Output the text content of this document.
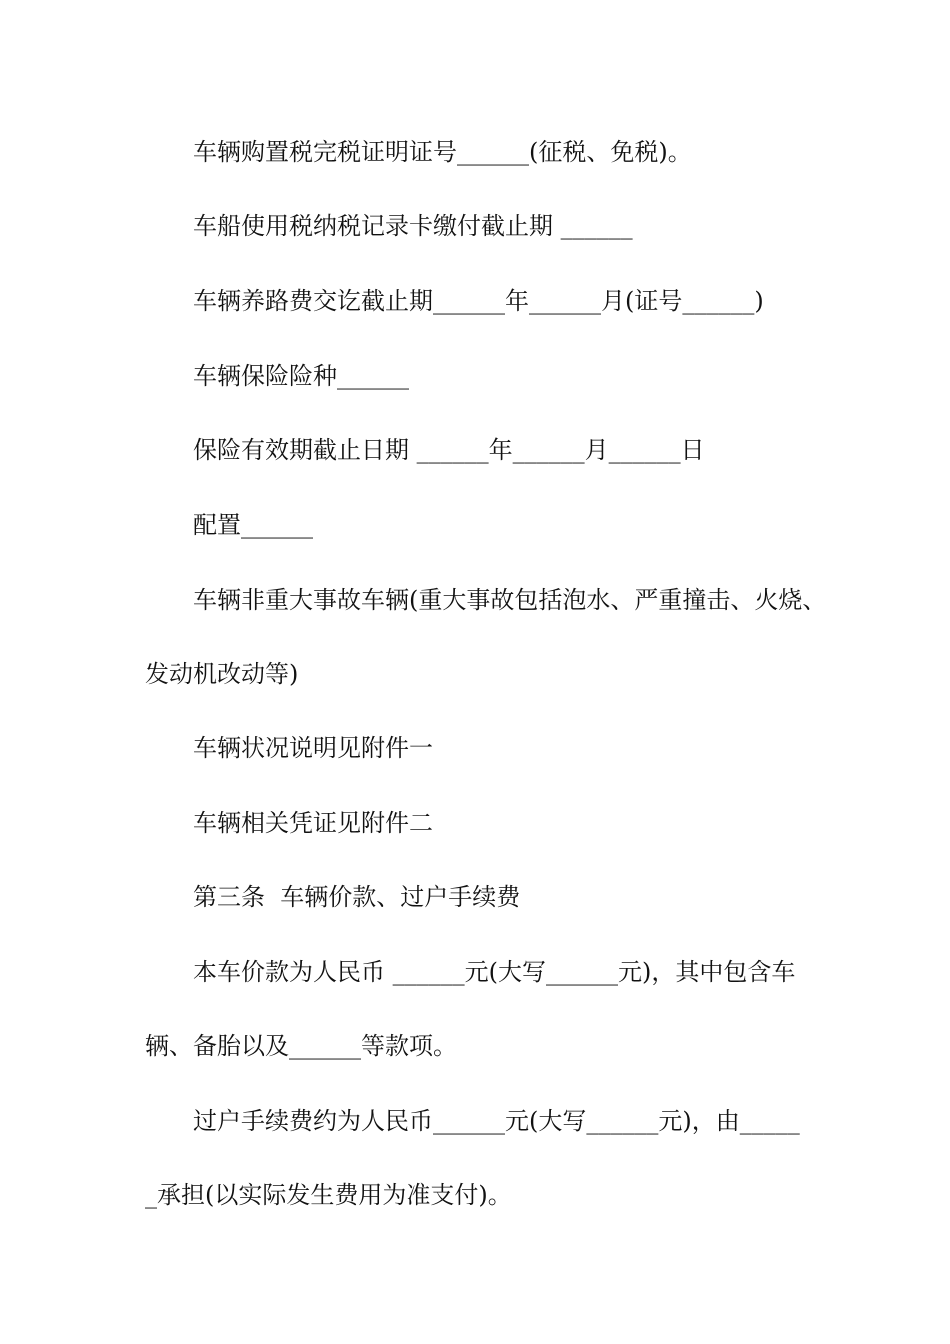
车辆购置税完税证明证号______(征税、免税)。
车船使用税纳税记录卡缴付截止期 ______
车辆养路费交讫截止期______年______月(证号______)
车辆保险险种______
保险有效期截止日期 ______年______月______日
配置______
车辆非重大事故车辆(重大事故包括泡水、严重撞击、火烧、
发动机改动等)
车辆状况说明见附件一
车辆相关凭证见附件二
第三条  车辆价款、过户手续费
本车价款为人民币 ______元(大写______元)，其中包含车
辆、备胎以及______等款项。
过户手续费约为人民币______元(大写______元)，由_____
_承担(以实际发生费用为准支付)。
